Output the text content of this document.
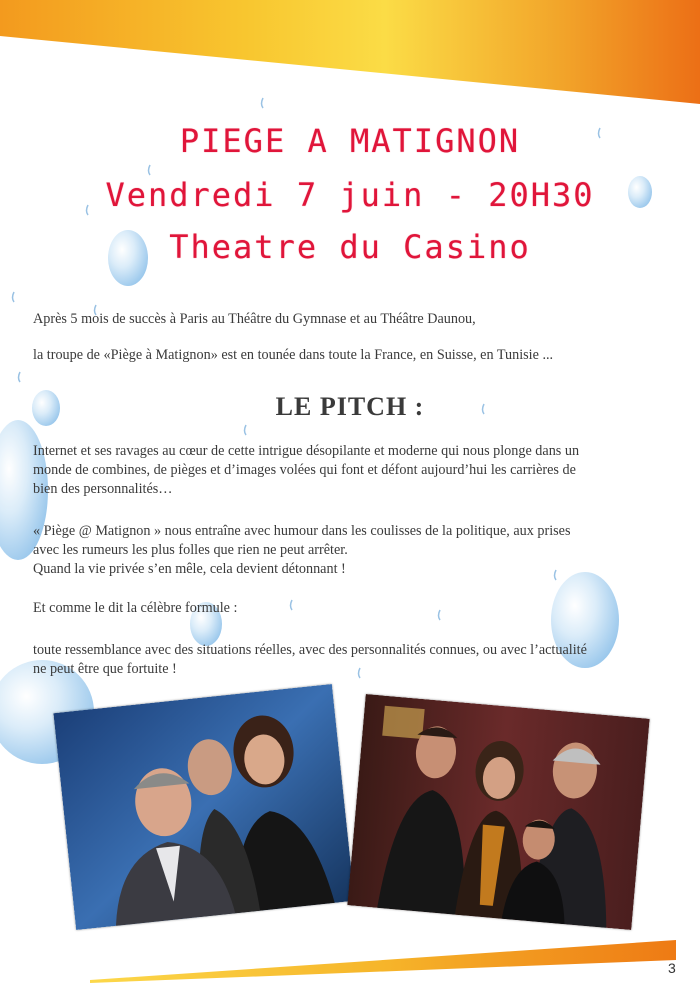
PIEGE A MATIGNON
Vendredi 7 juin - 20H30
Theatre du Casino
Après 5 mois de succès à Paris au Théâtre du Gymnase et au Théâtre Daunou,
la troupe de «Piège à Matignon» est en tounée dans toute la France, en Suisse, en Tunisie ...
LE PITCH :
Internet et ses ravages au cœur de cette intrigue désopilante et moderne qui nous plonge dans un
monde de combines, de pièges et d’images volées qui font et défont aujourd’hui les carrières de
bien des personnalités…
« Piège @ Matignon » nous entraîne avec humour dans les coulisses de la politique, aux prises
avec les rumeurs les plus folles que rien ne peut arrêter.
Quand la vie privée s’en mêle, cela devient détonnant !
Et comme le dit la célèbre formule :
toute ressemblance avec des situations réelles, avec des personnalités connues, ou avec l’actualité
ne peut être que fortuite !
3
